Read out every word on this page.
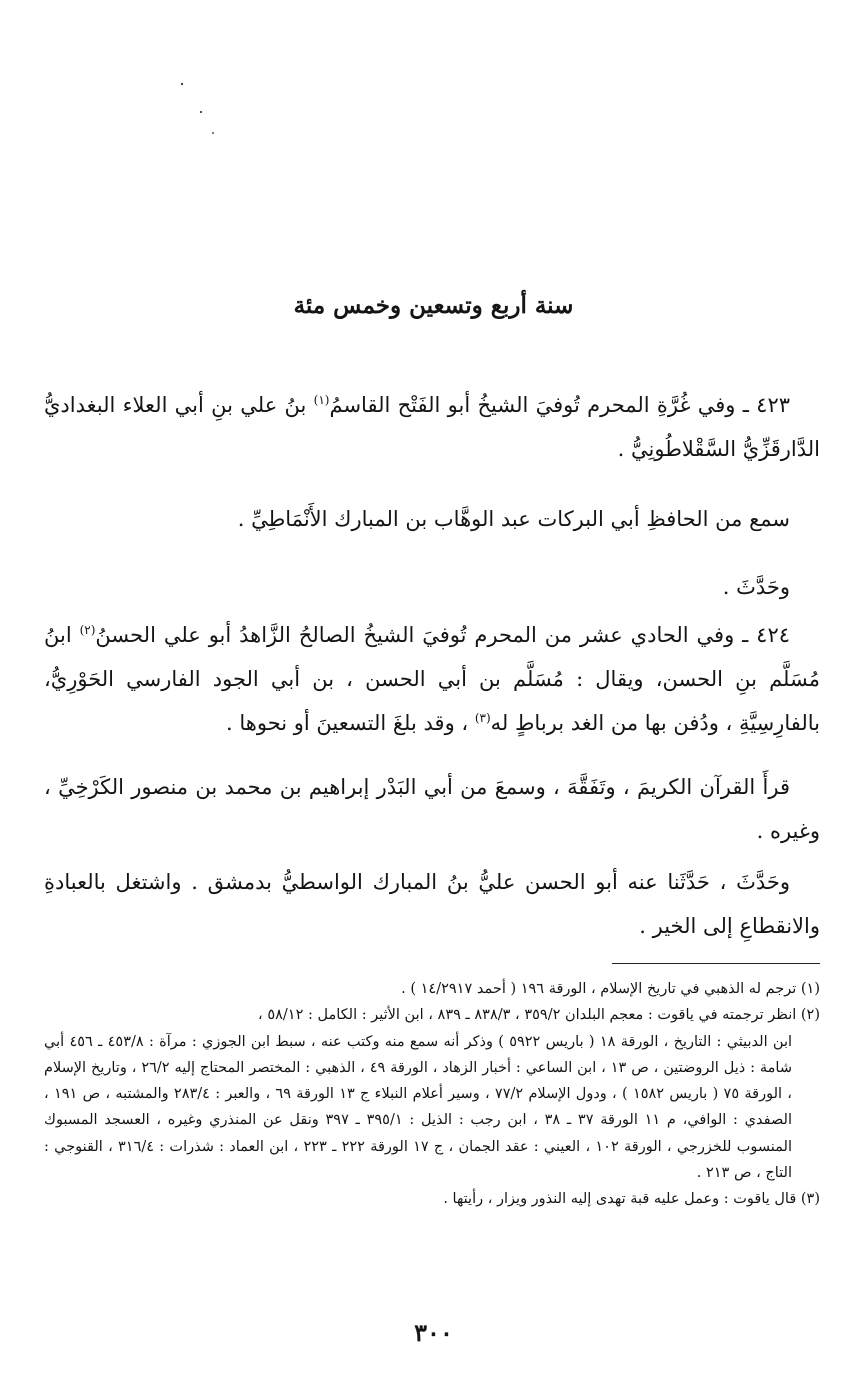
سنة أربع وتسعين وخمس مئة

٤٢٣ ـ وفي غُرَّةِ المحرم تُوفيَ الشيخُ أبو الفَتْح القاسمُ$^{(١)}$ بنُ علي بنِ أبي العلاء البغداديُّ الدَّارقَزِّيُّ السَّقْلاطُونِيُّ .

سمع من الحافظِ أبي البركات عبد الوهَّاب بن المبارك الأَنْمَاطِيِّ .

وحَدَّثَ .

٤٢٤ ـ وفي الحادي عشر من المحرم تُوفيَ الشيخُ الصالحُ الزَّاهدُ أبو علي الحسنُ$^{(٢)}$ ابنُ مُسَلَّم بنِ الحسن، ويقال : مُسَلَّم بن أبي الحسن ، بن أبي الجود الفارسي الحَوْرِيُّ، بالفارِسِيَّةِ ، ودُفن بها من الغد برباطٍ له$^{(٣)}$ ، وقد بلغَ التسعينَ أو نحوها .

قرأَ القرآن الكريمَ ، وتَفَقَّهَ ، وسمعَ من أبي البَدْر إبراهيم بن محمد بن منصور الكَرْخِيِّ ، وغيره .

وحَدَّثَ ، حَدَّثَنا عنه أبو الحسن عليُّ بنُ المبارك الواسطيُّ بدمشق . واشتغل بالعبادةِ والانقطاعِ إلى الخير .

(١) ترجم له الذهبي في تاريخ الإسلام ، الورقة ١٩٦ ( أحمد ١٤/٢٩١٧ ) .

(٢) انظر ترجمته في ياقوت : معجم البلدان ٣٥٩/٢ ، ٨٣٨/٣ ـ ٨٣٩ ، ابن الأثير : الكامل : ٥٨/١٢ ،

ابن الدبيثي : التاريخ ، الورقة ١٨ ( باريس ٥٩٢٢ ) وذكر أنه سمع منه وكتب عنه ، سبط ابن الجوزي : مرآة : ٤٥٣/٨ ـ ٤٥٦ أبي شامة : ذيل الروضتين ، ص ١٣ ، ابن الساعي : أخبار الزهاد ، الورقة ٤٩ ، الذهبي : المختصر المحتاج إليه ٢٦/٢ ، وتاريخ الإسلام ، الورقة ٧٥ ( باريس ١٥٨٢ ) ، ودول الإسلام ٧٧/٢ ، وسير أعلام النبلاء ج ١٣ الورقة ٦٩ ، والعبر : ٢٨٣/٤ والمشتبه ، ص ١٩١ ، الصفدي : الوافي، م ١١ الورقة ٣٧ ـ ٣٨ ، ابن رجب : الذيل : ٣٩٥/١ ـ ٣٩٧ ونقل عن المنذري وغيره ، العسجد المسبوك المنسوب للخزرجي ، الورقة ١٠٢ ، العيني : عقد الجمان ، ج ١٧ الورقة ٢٢٢ ـ ٢٢٣ ، ابن العماد : شذرات : ٣١٦/٤ ، القنوجي : التاج ، ص ٢١٣ .

(٣) قال ياقوت : وعمل عليه قبة تهدى إليه النذور ويزار ، رأيتها .

٣٠٠
